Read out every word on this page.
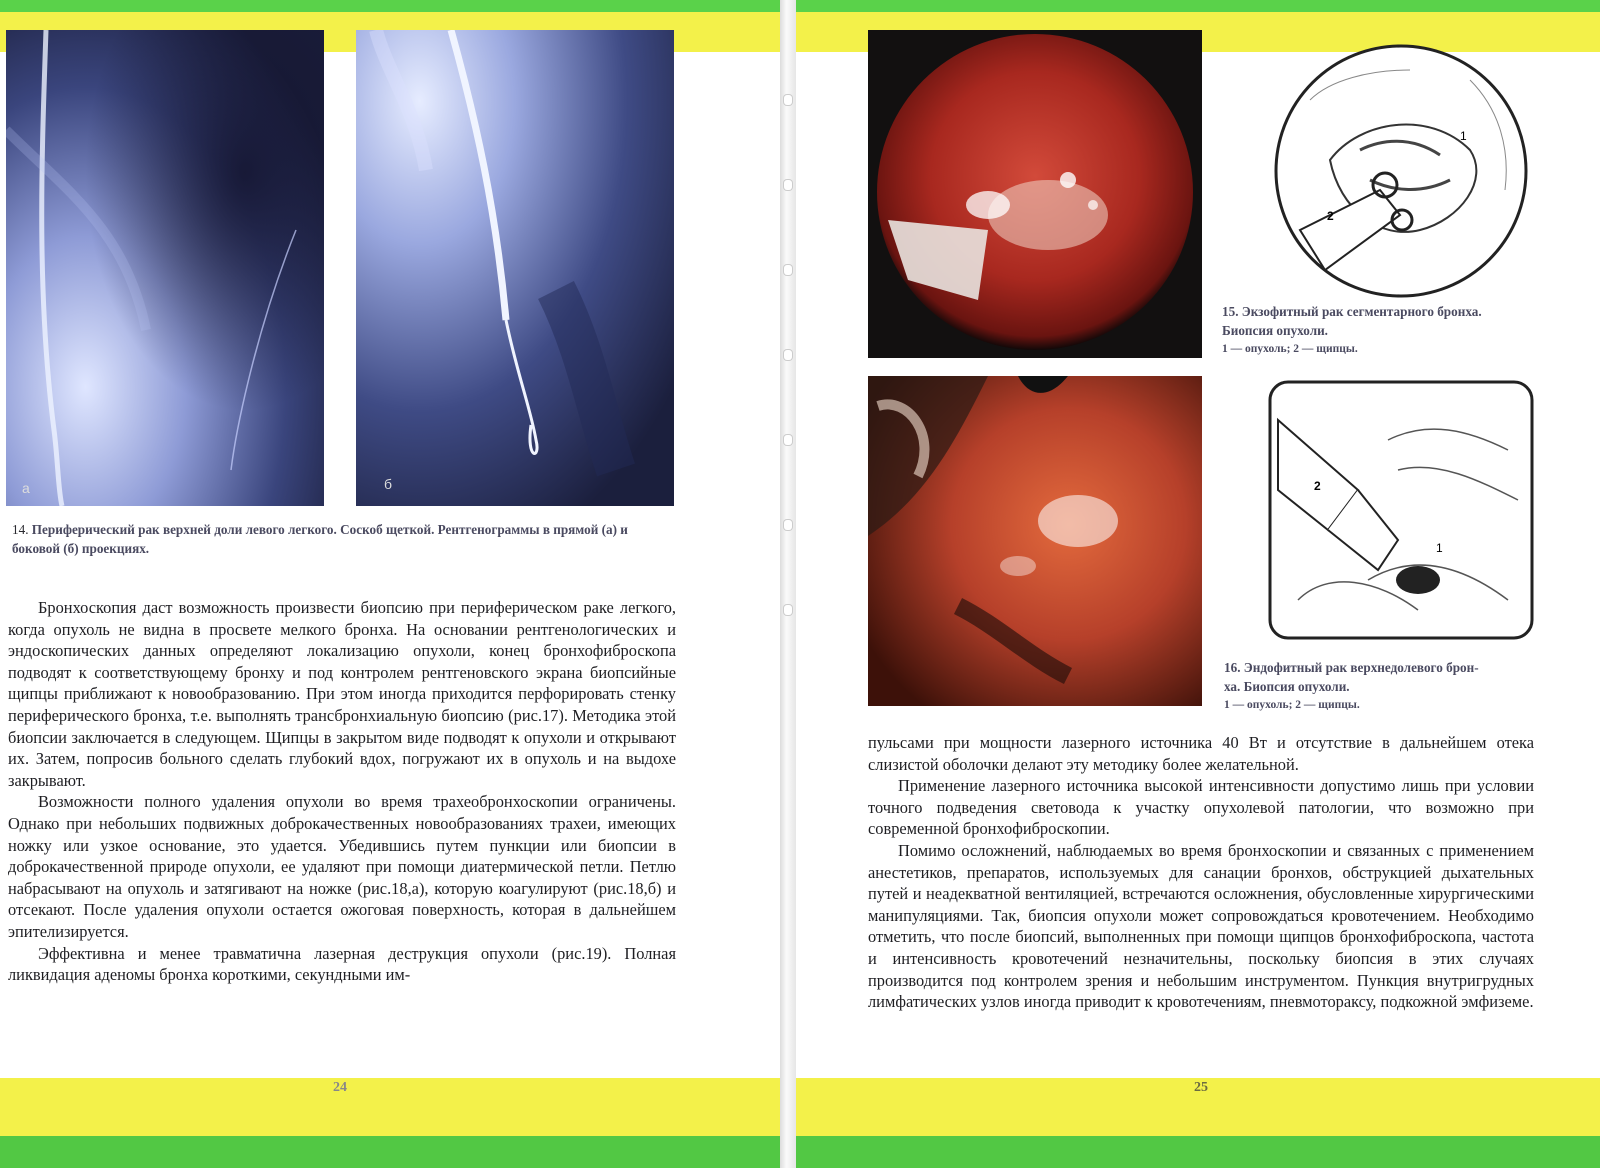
а	б
14. Периферический рак верхней доли левого легкого. Соскоб щеткой. Рентгенограммы в прямой (а) и боковой (б) проекциях.

Бронхоскопия даст возможность произвести биопсию при периферическом раке легкого, когда опухоль не видна в просвете мелкого бронха. На основании рентгенологических и эндоскопических данных определяют локализацию опухоли, конец бронхофиброскопа подводят к соответствующему бронху и под контролем рентгеновского экрана биопсийные щипцы приближают к новообразованию. При этом иногда приходится перфорировать стенку периферического бронха, т.е. выполнять трансбронхиальную биопсию (рис.17). Методика этой биопсии заключается в следующем. Щипцы в закрытом виде подводят к опухоли и открывают их. Затем, попросив больного сделать глубокий вдох, погружают их в опухоль и на выдохе закрывают.

Возможности полного удаления опухоли во время трахеобронхоскопии ограничены. Однако при небольших подвижных доброкачественных новообразованиях трахеи, имеющих ножку или узкое основание, это удается. Убедившись путем пункции или биопсии в доброкачественной природе опухоли, ее удаляют при помощи диатермической петли. Петлю набрасывают на опухоль и затягивают на ножке (рис.18,а), которую коагулируют (рис.18,б) и отсекают. После удаления опухоли остается ожоговая поверхность, которая в дальнейшем эпителизируется.

Эффективна и менее травматична лазерная деструкция опухоли (рис.19). Полная ликвидация аденомы бронха короткими, секундными им-

24
1
2
15. Экзофитный рак сегментарного бронха.
Биопсия опухоли.
1 — опухоль; 2 — щипцы.
2
1
16. Эндофитный рак верхнедолевого брон-
ха. Биопсия опухоли.
1 — опухоль; 2 — щипцы.

пульсами при мощности лазерного источника 40 Вт и отсутствие в дальнейшем отека слизистой оболочки делают эту методику более желательной.

Применение лазерного источника высокой интенсивности допустимо лишь при условии точного подведения световода к участку опухолевой патологии, что возможно при современной бронхофиброскопии.

Помимо осложнений, наблюдаемых во время бронхоскопии и связанных с применением анестетиков, препаратов, используемых для санации бронхов, обструкцией дыхательных путей и неадекватной вентиляцией, встречаются осложнения, обусловленные хирургическими манипуляциями. Так, биопсия опухоли может сопровождаться кровотечением. Необходимо отметить, что после биопсий, выполненных при помощи щипцов бронхофиброскопа, частота и интенсивность кровотечений незначительны, поскольку биопсия в этих случаях производится под контролем зрения и небольшим инструментом. Пункция внутригрудных лимфатических узлов иногда приводит к кровотечениям, пневмотораксу, подкожной эмфиземе.

25
